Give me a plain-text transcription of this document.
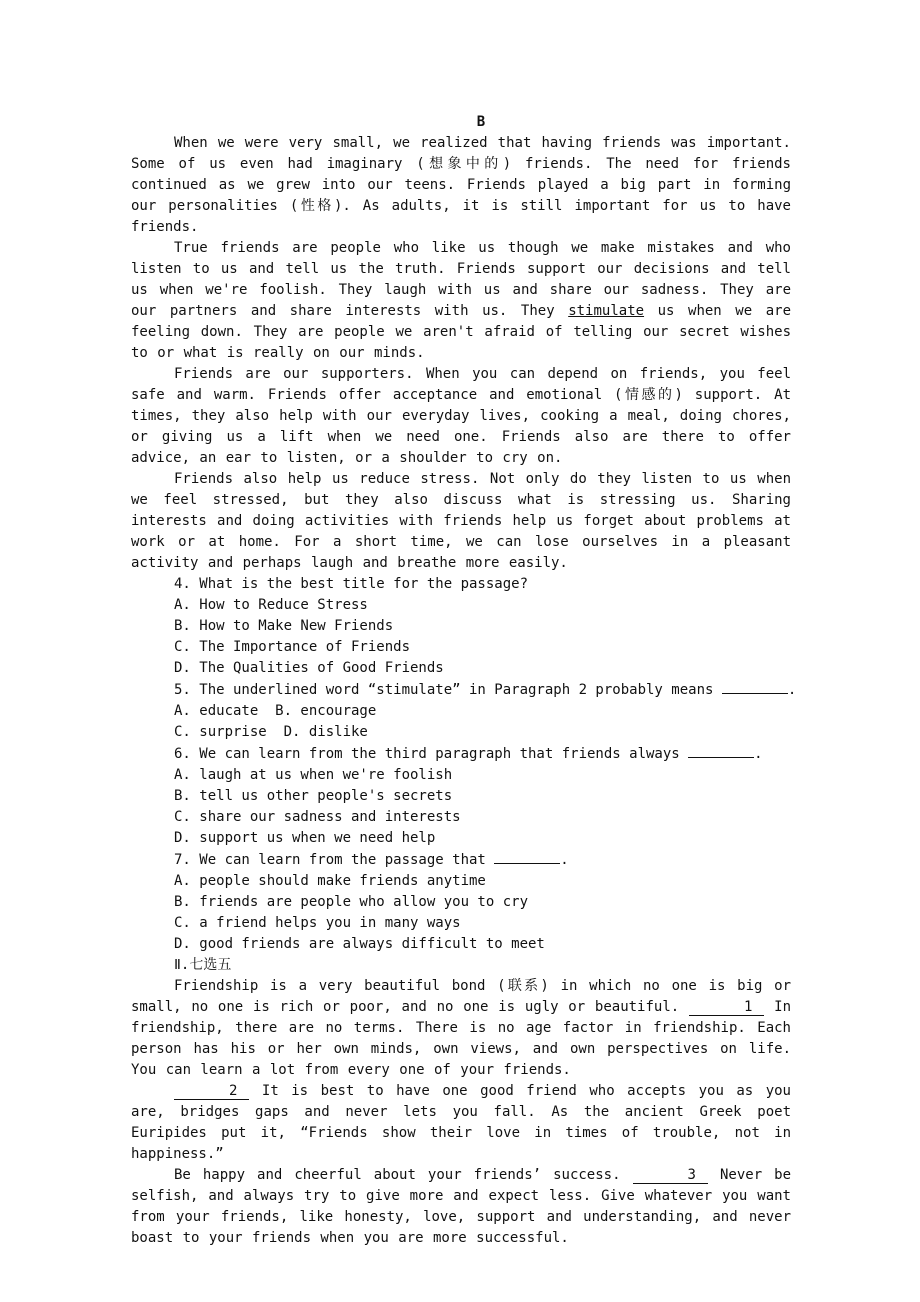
B

When we were very small, we realized that having friends was important. Some of us even had imaginary (想象中的) friends. The need for friends continued as we grew into our teens. Friends played a big part in forming our personalities (性格). As adults, it is still important for us to have friends.

True friends are people who like us though we make mistakes and who listen to us and tell us the truth. Friends support our decisions and tell us when we're foolish. They laugh with us and share our sadness. They are our partners and share interests with us. They stimulate us when we are feeling down. They are people we aren't afraid of telling our secret wishes to or what is really on our minds.

Friends are our supporters. When you can depend on friends, you feel safe and warm. Friends offer acceptance and emotional (情感的) support. At times, they also help with our everyday lives, cooking a meal, doing chores, or giving us a lift when we need one. Friends also are there to offer advice, an ear to listen, or a shoulder to cry on.

Friends also help us reduce stress. Not only do they listen to us when we feel stressed, but they also discuss what is stressing us. Sharing interests and doing activities with friends help us forget about problems at work or at home. For a short time, we can lose ourselves in a pleasant activity and perhaps laugh and breathe more easily.

4. What is the best title for the passage?
A. How to Reduce Stress
B. How to Make New Friends
C. The Importance of Friends
D. The Qualities of Good Friends
5. The underlined word “stimulate” in Paragraph 2 probably means	.
A. educate  B. encourage
C. surprise  D. dislike
6. We can learn from the third paragraph that friends always	.
A. laugh at us when we're foolish
B. tell us other people's secrets
C. share our sadness and interests
D. support us when we need help
7. We can learn from the passage that	.
A. people should make friends anytime
B. friends are people who allow you to cry
C. a friend helps you in many ways
D. good friends are always difficult to meet
Ⅱ.七选五

Friendship is a very beautiful bond (联系) in which no one is big or small, no one is rich or poor, and no one is ugly or beautiful.	1 In friendship, there are no terms. There is no age factor in friendship. Each person has his or her own minds, own views, and own perspectives on life. You can learn a lot from every one of your friends.

2 It is best to have one good friend who accepts you as you are, bridges gaps and never lets you fall. As the ancient Greek poet Euripides put it, “Friends show their love in times of trouble, not in happiness.”

Be happy and cheerful about your friends’ success.	3 Never be selfish, and always try to give more and expect less. Give whatever you want from your friends, like honesty, love, support and understanding, and never boast to your friends when you are more successful.
